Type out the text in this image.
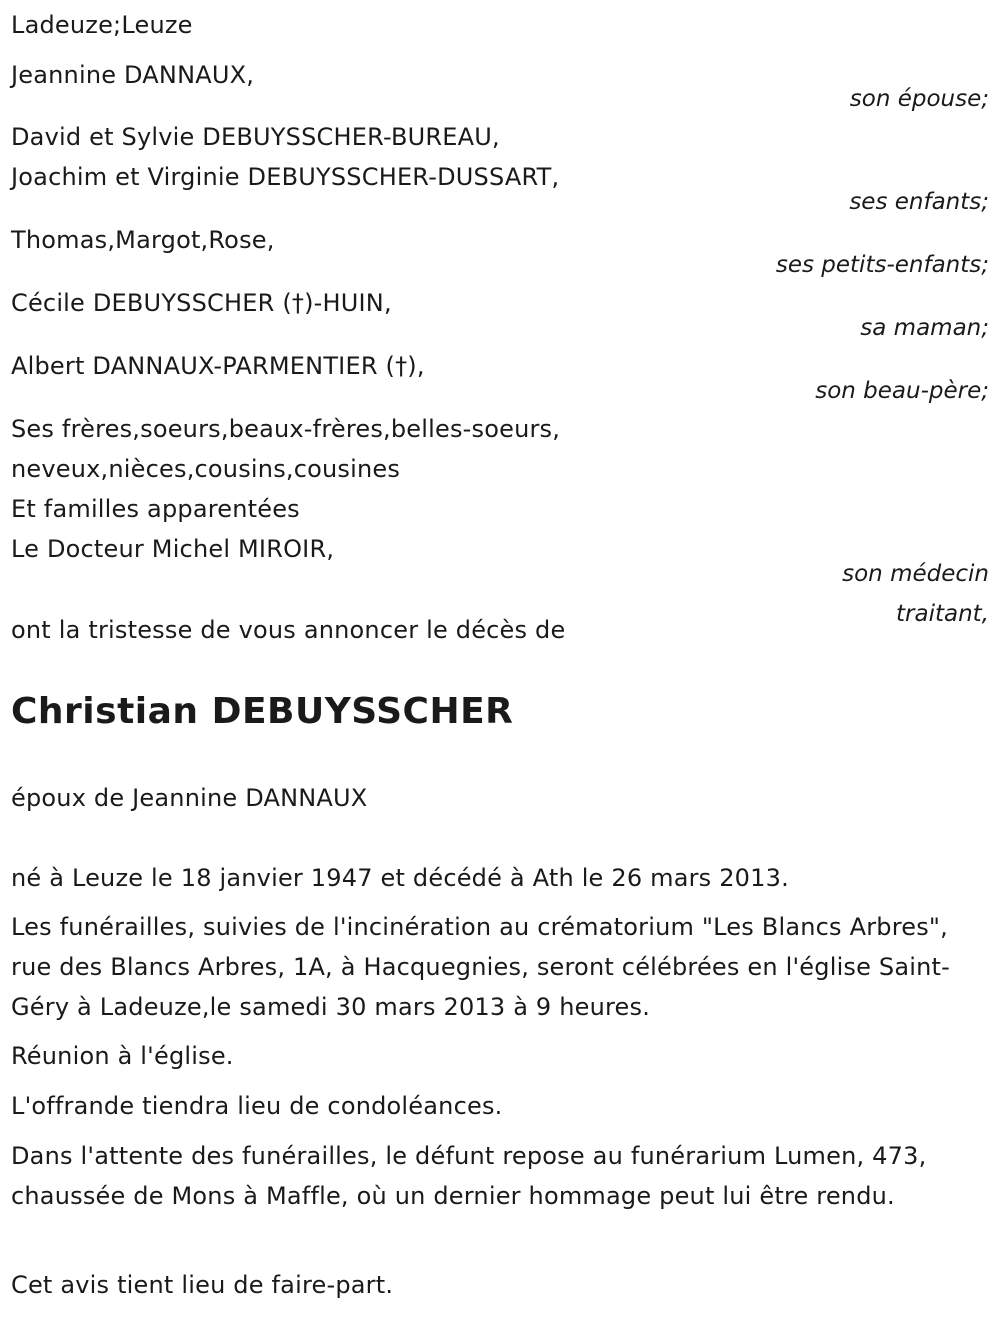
Ladeuze;Leuze
Jeannine DANNAUX,
son épouse;
David et Sylvie DEBUYSSCHER-BUREAU,
Joachim et Virginie DEBUYSSCHER-DUSSART,
ses enfants;
Thomas,Margot,Rose,
ses petits-enfants;
Cécile DEBUYSSCHER (†)-HUIN,
sa maman;
Albert DANNAUX-PARMENTIER (†),
son beau-père;
Ses frères,soeurs,beaux-frères,belles-soeurs,
neveux,nièces,cousins,cousines
Et familles apparentées
Le Docteur Michel MIROIR,
son médecin
traitant,
ont la tristesse de vous annoncer le décès de
Christian DEBUYSSCHER
époux de Jeannine DANNAUX
né à Leuze le 18 janvier 1947 et décédé à Ath le 26 mars 2013.
Les funérailles, suivies de l'incinération au crématorium "Les Blancs Arbres", rue des Blancs Arbres, 1A, à Hacquegnies, seront célébrées en l'église Saint-Géry à Ladeuze,le samedi 30 mars 2013 à 9 heures.
Réunion à l'église.
L'offrande tiendra lieu de condoléances.
Dans l'attente des funérailles, le défunt repose au funérarium Lumen, 473, chaussée de Mons à Maffle, où un dernier hommage peut lui être rendu.
Cet avis tient lieu de faire-part.
